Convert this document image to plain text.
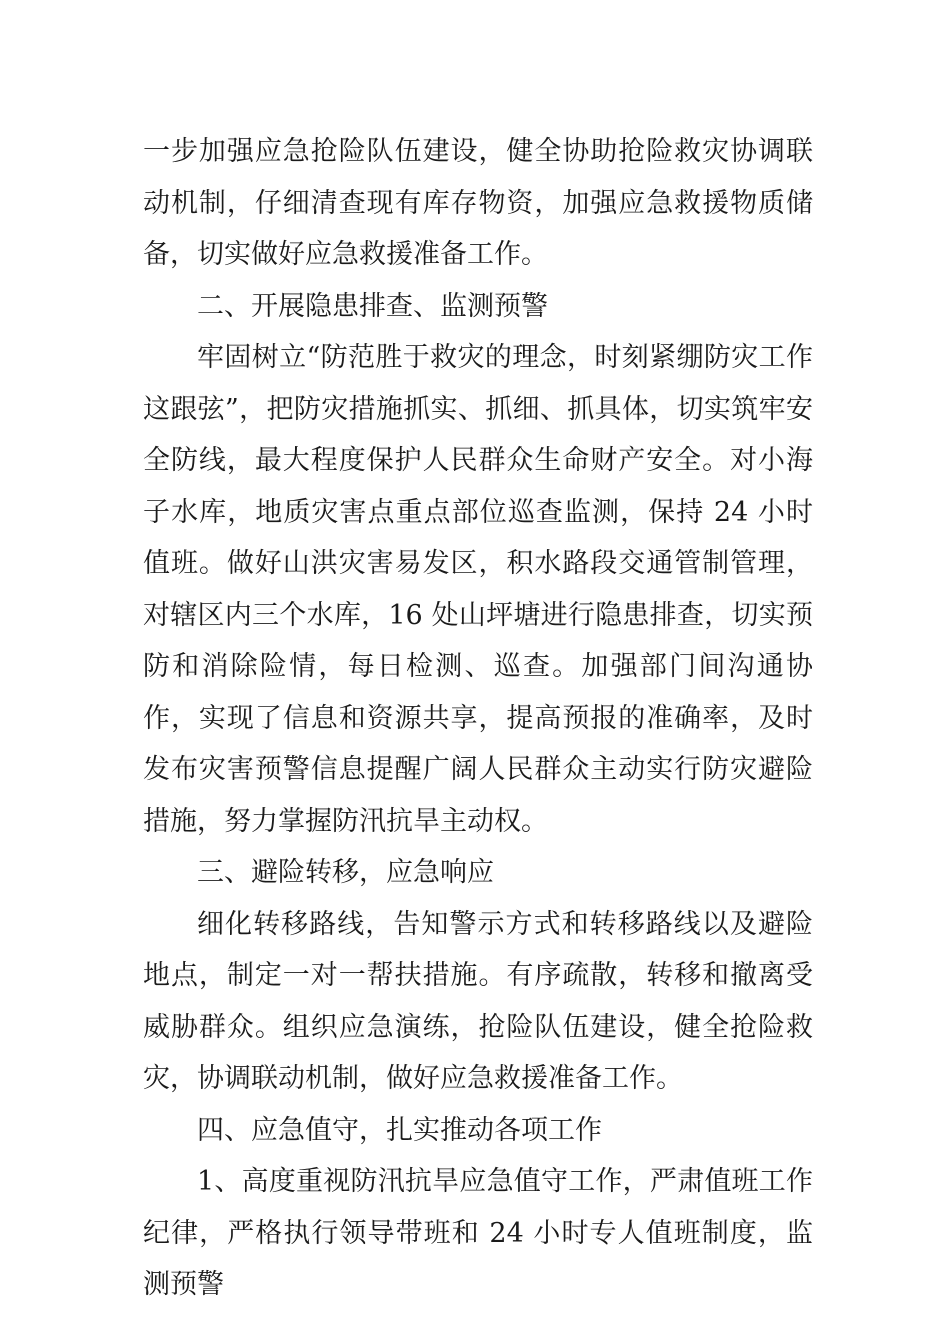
一步加强应急抢险队伍建设，健全协助抢险救灾协调联动机制，仔细清查现有库存物资，加强应急救援物质储备，切实做好应急救援准备工作。

二、开展隐患排查、监测预警

牢固树立“防范胜于救灾的理念，时刻紧绷防灾工作这跟弦”，把防灾措施抓实、抓细、抓具体，切实筑牢安全防线，最大程度保护人民群众生命财产安全。对小海子水库，地质灾害点重点部位巡查监测，保持 24 小时值班。做好山洪灾害易发区，积水路段交通管制管理，对辖区内三个水库，16 处山坪塘进行隐患排查，切实预防和消除险情，每日检测、巡查。加强部门间沟通协作，实现了信息和资源共享，提高预报的准确率，及时发布灾害预警信息提醒广阔人民群众主动实行防灾避险措施，努力掌握防汛抗旱主动权。

三、避险转移，应急响应

细化转移路线，告知警示方式和转移路线以及避险地点，制定一对一帮扶措施。有序疏散，转移和撤离受威胁群众。组织应急演练，抢险队伍建设，健全抢险救灾，协调联动机制，做好应急救援准备工作。

四、应急值守，扎实推动各项工作

1、高度重视防汛抗旱应急值守工作，严肃值班工作纪律，严格执行领导带班和 24 小时专人值班制度，监测预警
